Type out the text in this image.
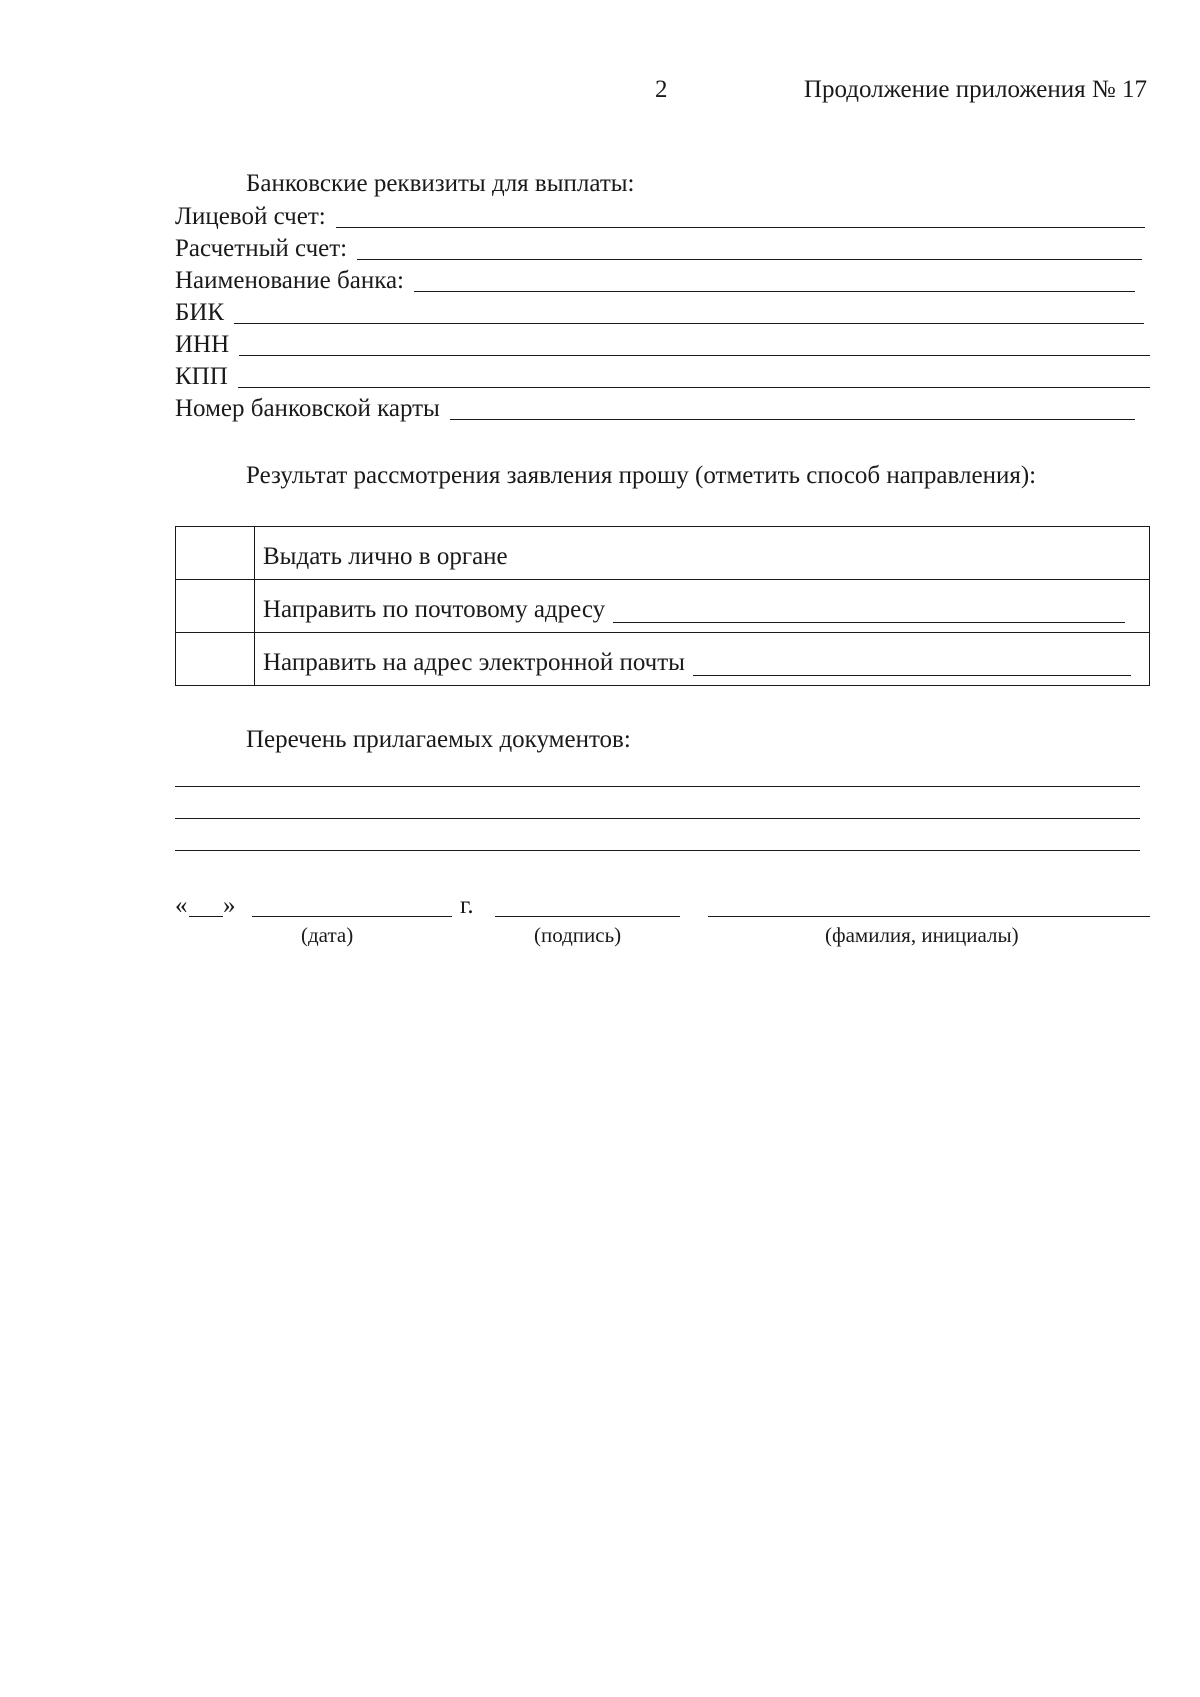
2	Продолжение приложения № 17
Банковские реквизиты для выплаты:
Лицевой счет:
Расчетный счет:
Наименование банка:
БИК
ИНН
КПП
Номер банковской карты
Результат рассмотрения заявления прошу (отметить способ направления):

	Выдать лично в органе

	Направить по почтовому адресу

	Направить на адрес электронной почты
Перечень прилагаемых документов:
« »	г.
(дата)	(подпись)	(фамилия, инициалы)
